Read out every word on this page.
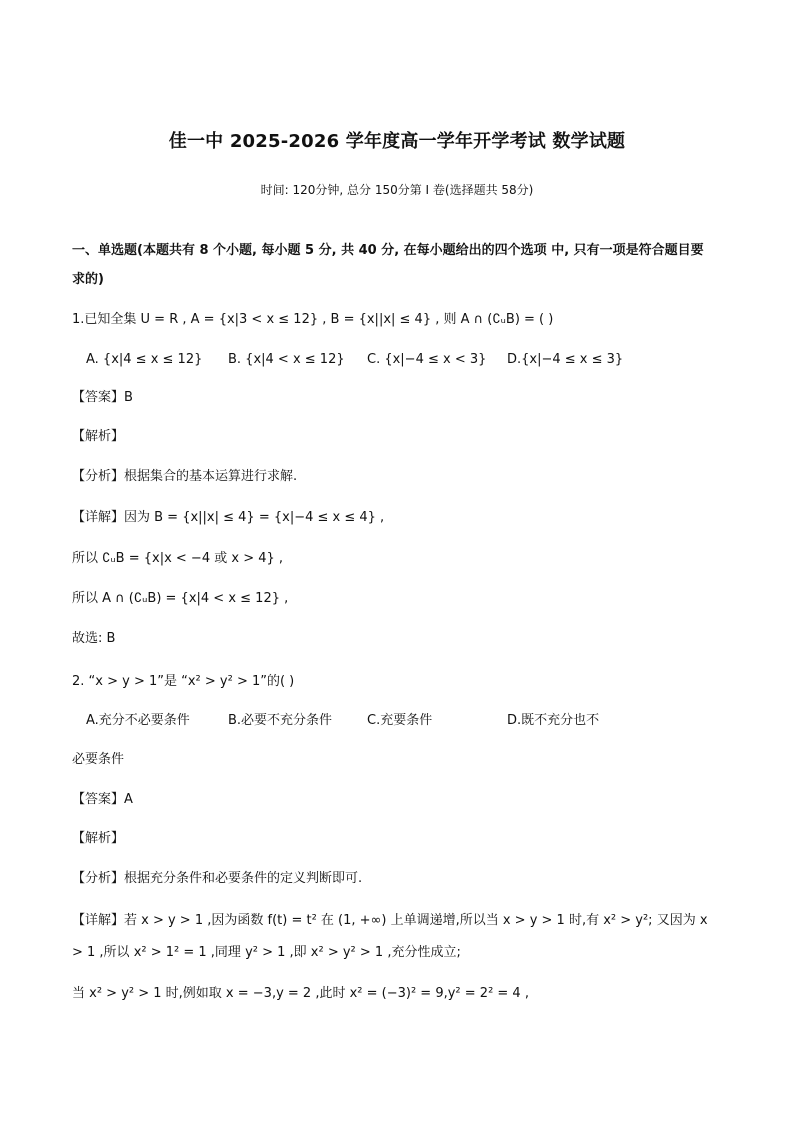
佳一中 2025-2026 学年度高一学年开学考试 数学试题
时间: 120分钟, 总分 150分第 I 卷(选择题共 58分)
一、单选题(本题共有 8 个小题, 每小题 5 分, 共 40 分, 在每小题给出的四个选项 中, 只有一项是符合题目要
求的)
1.已知全集 U = R , A = {x|3 < x ≤ 12} , B = {x||x| ≤ 4} , 则 A ∩ (∁ᵤB) = ( )
A. {x|4 ≤ x ≤ 12} B. {x|4 < x ≤ 12} C. {x|−4 ≤ x < 3} D.{x|−4 ≤ x ≤ 3}
【答案】B
【解析】
【分析】根据集合的基本运算进行求解.
【详解】因为 B = {x||x| ≤ 4} = {x|−4 ≤ x ≤ 4} ,
所以 ∁ᵤB = {x|x < −4 或 x > 4} ,
所以 A ∩ (∁ᵤB) = {x|4 < x ≤ 12} ,
故选: B
2. “x > y > 1”是 “x² > y² > 1”的( )
A.充分不必要条件	B.必要不充分条件	C.充要条件	D.既不充分也不
必要条件
【答案】A
【解析】
【分析】根据充分条件和必要条件的定义判断即可.
【详解】若 x > y > 1 ,因为函数 f(t) = t² 在 (1, +∞) 上单调递增,所以当 x > y > 1 时,有 x² > y²; 又因为 x
> 1 ,所以 x² > 1² = 1 ,同理 y² > 1 ,即 x² > y² > 1 ,充分性成立;
当 x² > y² > 1 时,例如取 x = −3,y = 2 ,此时 x² = (−3)² = 9,y² = 2² = 4 ,
